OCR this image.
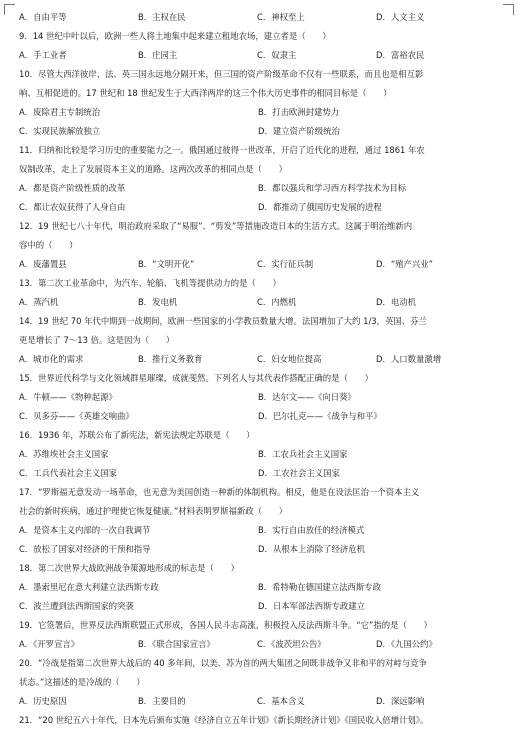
A．自由平等	B．主权在民	C．神权至上	D．人文主义
9．14 世纪中叶以后，欧洲一些人将土地集中起来建立租地农场，建立者是（　　）
A．手工业者	B．庄园主	C．奴隶主	D．富裕农民
10．尽管大西洋彼岸、法、英三国永远地分隔开来，但三国的资产阶级革命不仅有一些联系，而且也是相互影
响、互相促进的。17 世纪和 18 世纪发生于大西洋两岸的这三个伟大历史事件的相同目标是（　　）
A．废除君主专制统治	B．打击欧洲封建势力
C．实现民族解放独立	D．建立资产阶级统治
11．归纳和比较是学习历史的重要能力之一。俄国通过彼得一世改革，开启了近代化的进程，通过 1861 年农
奴制改革，走上了发展资本主义的道路。这两次改革的相同点是（　　）
A．都是资产阶级性质的改革	B．都以强兵和学习西方科学技术为目标
C．都让农奴获得了人身自由	D．都推动了俄国历史发展的进程
12．19 世纪七八十年代，明治政府采取了“易服”、“剪发”等措施改造日本的生活方式。这属于明治维新内
容中的（　　）
A．废藩置县	B．“文明开化”	C．实行征兵制	D．“殖产兴业”
13．第二次工业革命中，为汽车、轮船、飞机等提供动力的是（　　）
A．蒸汽机	B．发电机	C．内燃机	D．电动机
14．19 世纪 70 年代中期到一战期间，欧洲一些国家的小学教员数量大增。法国增加了大约 1/3，英国、芬兰
更是增长了 7～13 倍。这是因为（　　）
A．城市化的需求	B．推行义务教育	C．妇女地位提高	D．人口数量激增
15．世界近代科学与文化领域群星璀璨，成就斐然。下列名人与其代表作搭配正确的是（　　）
A．牛顿——《物种起源》	B．达尔文——《向日葵》
C．贝多芬——《英雄交响曲》	D．巴尔扎克——《战争与和平》
16．1936 年，苏联公布了新宪法，新宪法规定苏联是（　　）
A．苏维埃社会主义国家	B．工农兵社会主义国家
C．工兵代表社会主义国家	D．工农社会主义国家
17．“罗斯福无意发动一场革命，也无意为美国创造一种新的体制机构。相反，他是在设法匡治一个资本主义
社会的新时疾病，通过护理使它恢复健康。”材料表明罗斯福新政（　　）
A．是资本主义内部的一次自我调节	B．实行自由放任的经济模式
C．放松了国家对经济的干预和指导	D．从根本上消除了经济危机
18．第二次世界大战欧洲战争策源地形成的标志是（　　）
A．墨索里尼在意大利建立法西斯专政	B．希特勒在德国建立法西斯专政
C．波兰遭到法西斯国家的突袭	D．日本军部法西斯专政建立
19．它签署后，世界反法西斯联盟正式形成，各国人民斗志高涨，积极投入反法西斯斗争。“它”指的是（　　）
A．《开罗宣言》	B．《联合国家宣言》	C．《波茨坦公告》	D．《九国公约》
20．“冷战是指第二次世界大战后的 40 多年间，以美、苏为首的两大集团之间既非战争又非和平的对峙与竞争
状态。”这描述的是冷战的（　　）
A．历史原因	B．主要目的	C．基本含义	D．深远影响
21．“20 世纪五六十年代，日本先后颁布实施《经济自立五年计划》《新长期经济计划》《国民收入倍增计划》。
